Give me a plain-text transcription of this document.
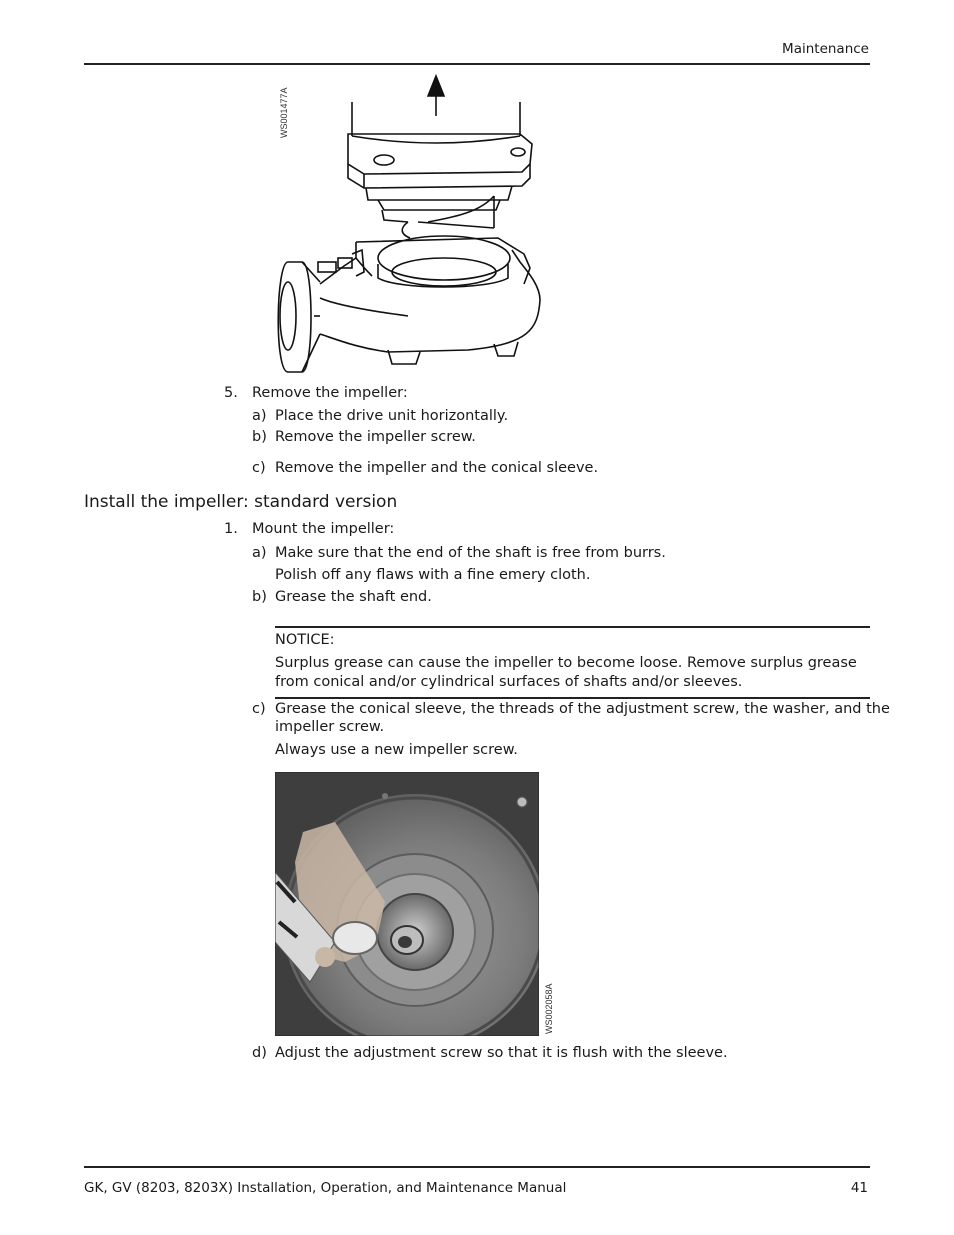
Maintenance
WS001477A
5. Remove the impeller:
a) Place the drive unit horizontally.
b) Remove the impeller screw.
c) Remove the impeller and the conical sleeve.
Install the impeller: standard version
1. Mount the impeller:
a) Make sure that the end of the shaft is free from burrs.
Polish off any flaws with a fine emery cloth.
b) Grease the shaft end.
NOTICE:
Surplus grease can cause the impeller to become loose. Remove surplus grease
from conical and/or cylindrical surfaces of shafts and/or sleeves.
c) Grease the conical sleeve, the threads of the adjustment screw, the washer, and the
impeller screw.
Always use a new impeller screw.
WS002058A
d) Adjust the adjustment screw so that it is flush with the sleeve.
GK, GV (8203, 8203X) Installation, Operation, and Maintenance Manual	41
